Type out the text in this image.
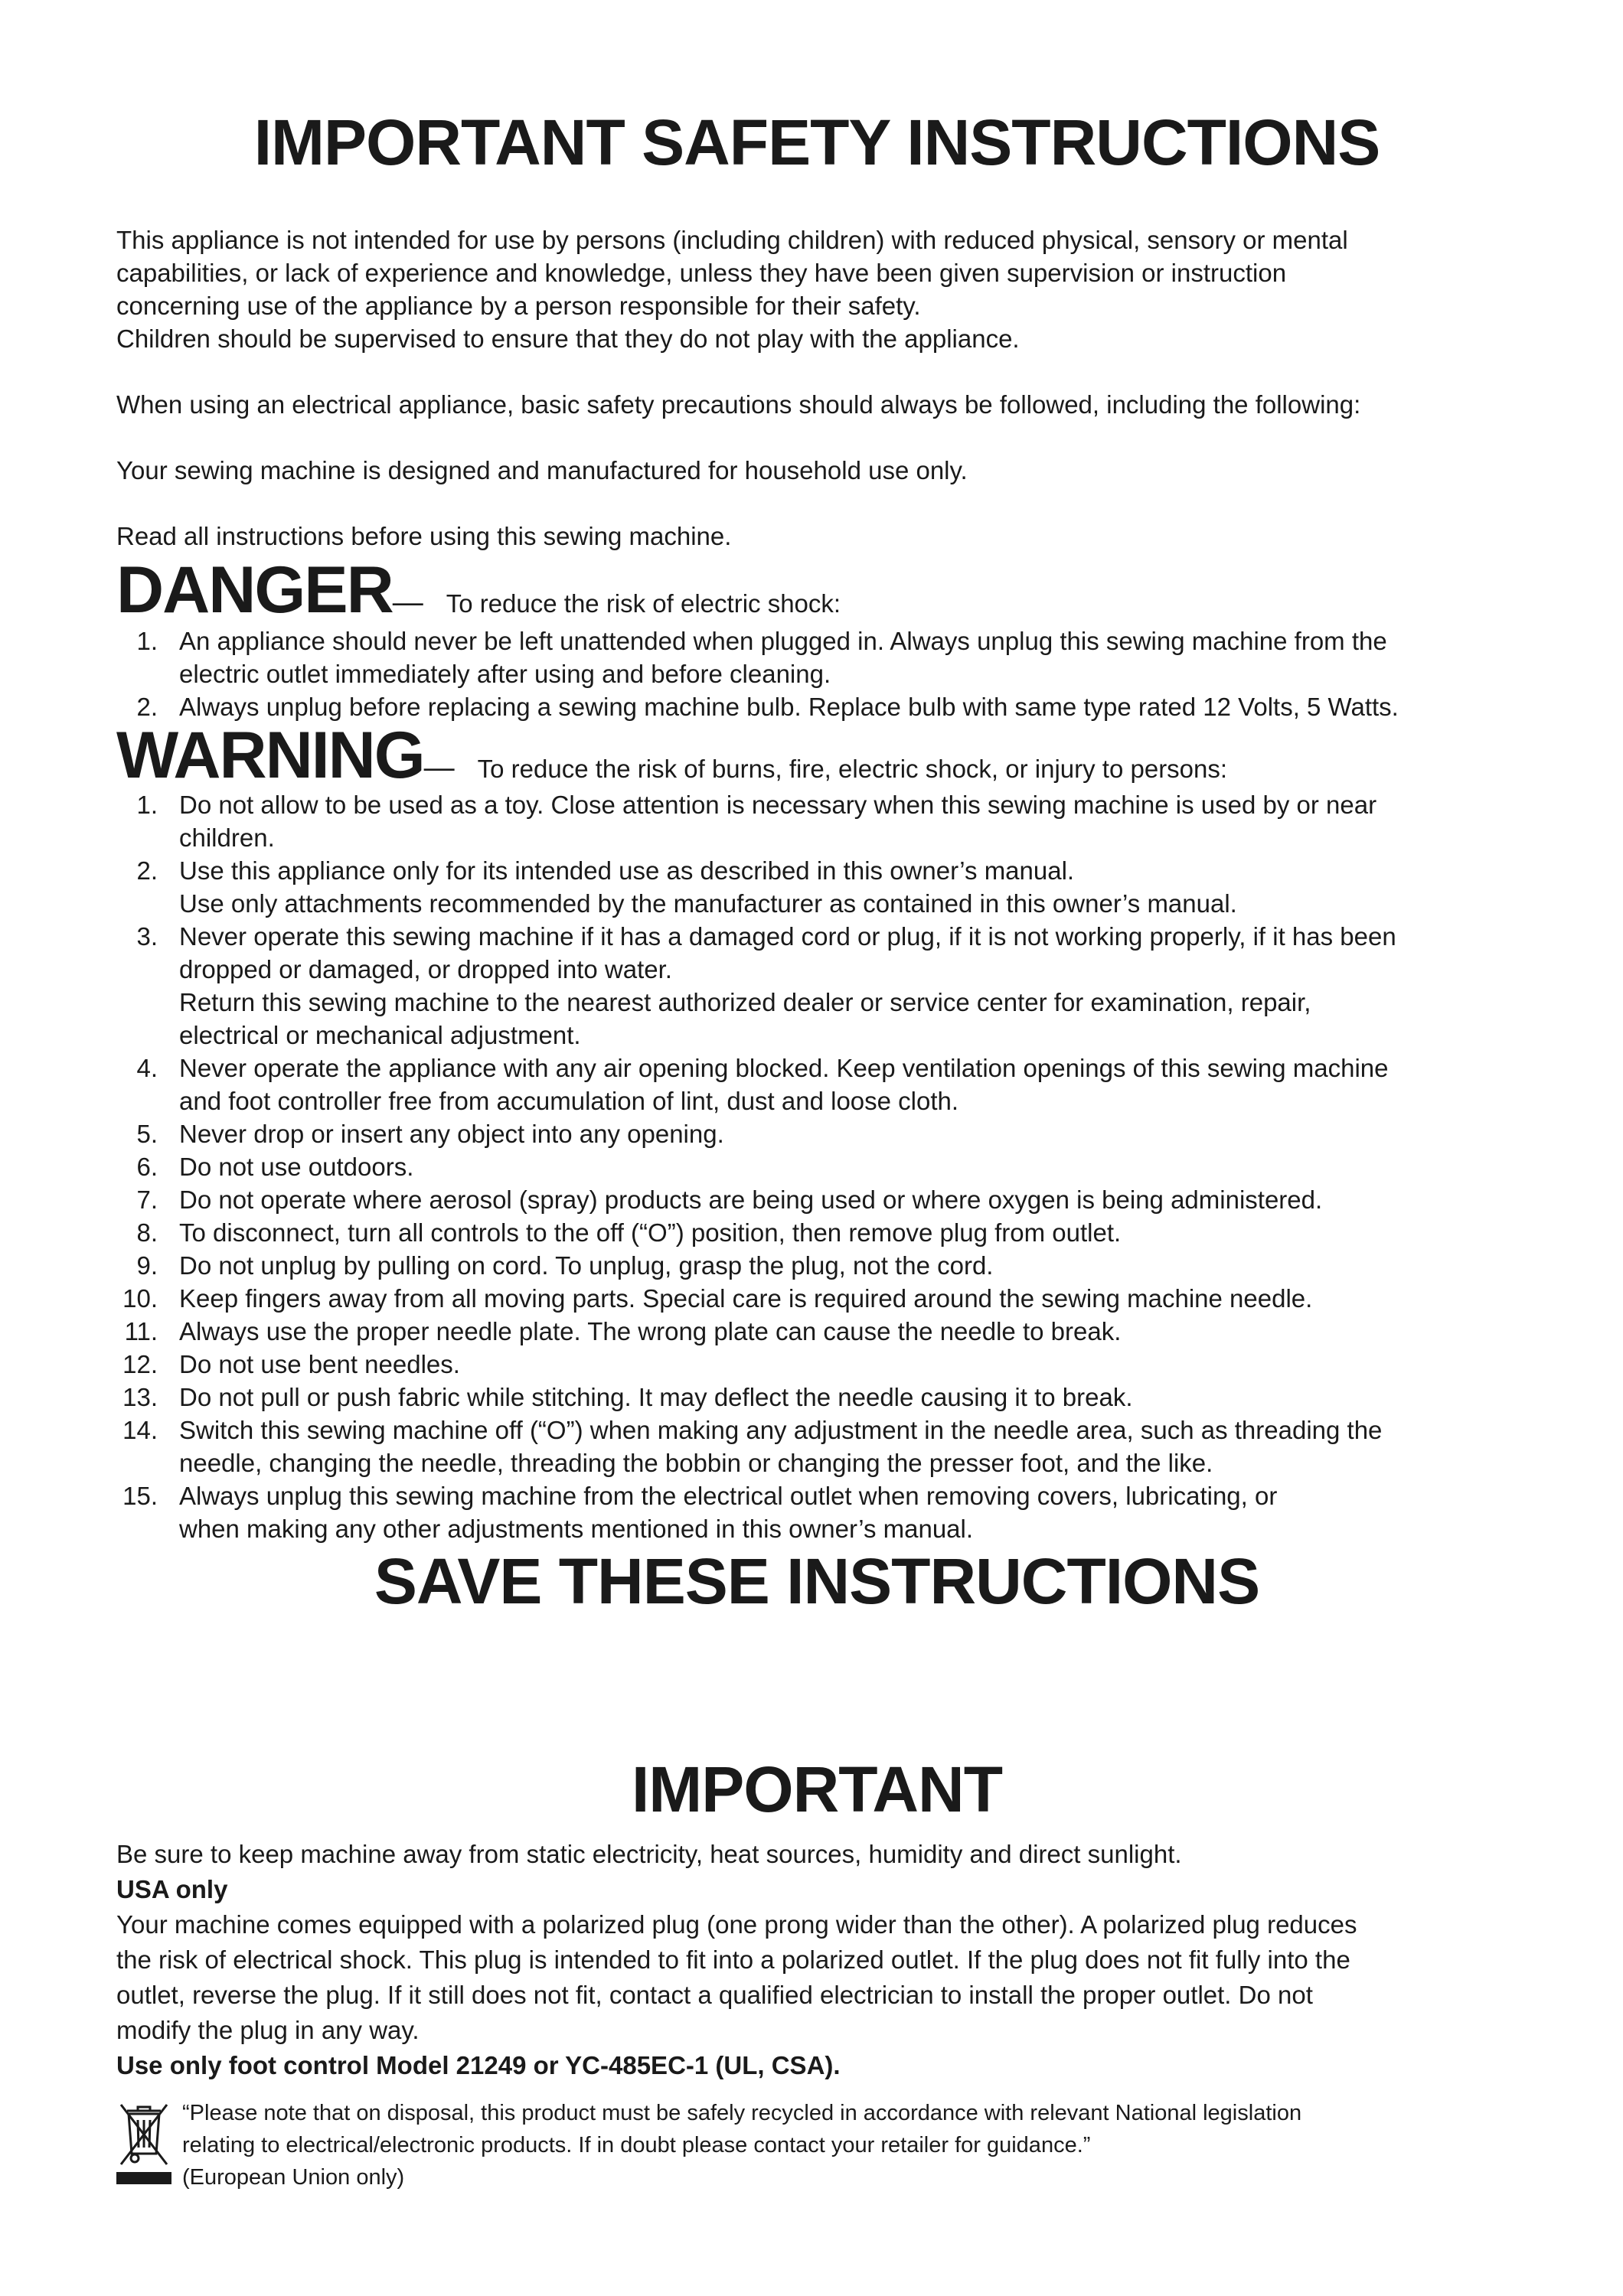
IMPORTANT SAFETY INSTRUCTIONS

This appliance is not intended for use by persons (including children) with reduced physical, sensory or mental

capabilities, or lack of experience and knowledge, unless they have been given supervision or instruction

concerning use of the appliance by a person responsible for their safety.

Children should be supervised to ensure that they do not play with the appliance.

When using an electrical appliance, basic safety precautions should always be followed, including the following:

Your sewing machine is designed and manufactured for household use only.

Read all instructions before using this sewing machine.

DANGER— To reduce the risk of electric shock:
1. An appliance should never be left unattended when plugged in. Always unplug this sewing machine from the
electric outlet immediately after using and before cleaning.
2. Always unplug before replacing a sewing machine bulb. Replace bulb with same type rated 12 Volts, 5 Watts.
WARNING— To reduce the risk of burns, fire, electric shock, or injury to persons:
1. Do not allow to be used as a toy. Close attention is necessary when this sewing machine is used by or near
children.
2. Use this appliance only for its intended use as described in this owner’s manual.
Use only attachments recommended by the manufacturer as contained in this owner’s manual.
3. Never operate this sewing machine if it has a damaged cord or plug, if it is not working properly, if it has been
dropped or damaged, or dropped into water.
Return this sewing machine to the nearest authorized dealer or service center for examination, repair,
electrical or mechanical adjustment.
4. Never operate the appliance with any air opening blocked. Keep ventilation openings of this sewing machine
and foot controller free from accumulation of lint, dust and loose cloth.
5. Never drop or insert any object into any opening.
6. Do not use outdoors.
7. Do not operate where aerosol (spray) products are being used or where oxygen is being administered.
8. To disconnect, turn all controls to the off (“O”) position, then remove plug from outlet.
9. Do not unplug by pulling on cord. To unplug, grasp the plug, not the cord.
10. Keep fingers away from all moving parts. Special care is required around the sewing machine needle.
11. Always use the proper needle plate. The wrong plate can cause the needle to break.
12. Do not use bent needles.
13. Do not pull or push fabric while stitching. It may deflect the needle causing it to break.
14. Switch this sewing machine off (“O”) when making any adjustment in the needle area, such as threading the
needle, changing the needle, threading the bobbin or changing the presser foot, and the like.
15. Always unplug this sewing machine from the electrical outlet when removing covers, lubricating, or
when making any other adjustments mentioned in this owner’s manual.
SAVE THESE INSTRUCTIONS
IMPORTANT

Be sure to keep machine away from static electricity, heat sources, humidity and direct sunlight.

USA only

Your machine comes equipped with a polarized plug (one prong wider than the other). A polarized plug reduces

the risk of electrical shock. This plug is intended to fit into a polarized outlet. If the plug does not fit fully into the

outlet, reverse the plug. If it still does not fit, contact a qualified electrician to install the proper outlet. Do not

modify the plug in any way.

Use only foot control Model 21249 or YC-485EC-1 (UL, CSA).

“Please note that on disposal, this product must be safely recycled in accordance with relevant National legislation

relating to electrical/electronic products. If in doubt please contact your retailer for guidance.”

(European Union only)
